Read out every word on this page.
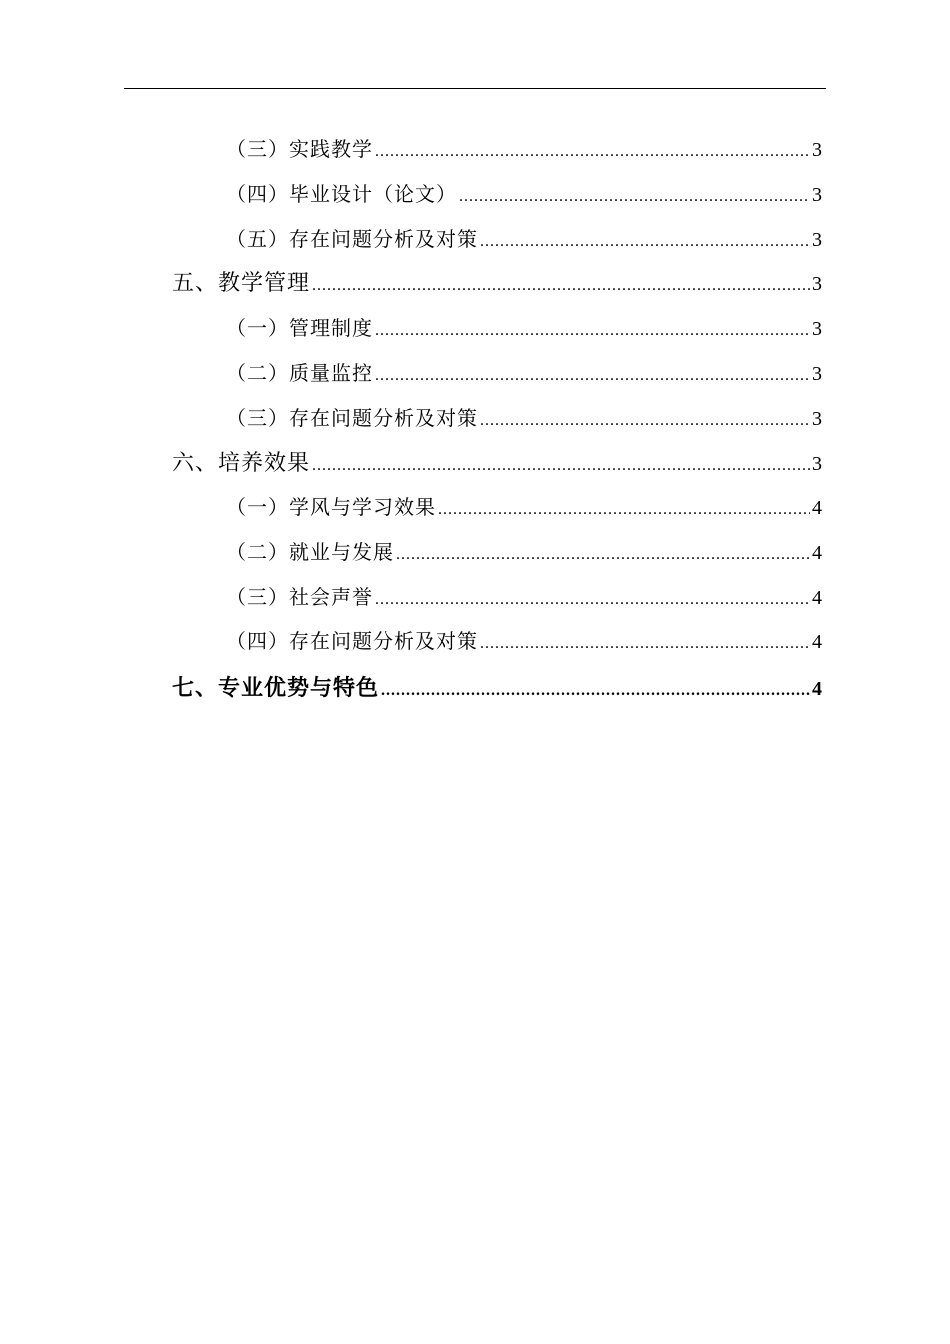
（三）实践教学 .....	3
（四）毕业设计（论文） .....	3
（五）存在问题分析及对策 .....	3
五、教学管理 .....	3
（一）管理制度 .....	3
（二）质量监控 .....	3
（三）存在问题分析及对策 .....	3
六、培养效果 .....	3
（一）学风与学习效果 .....	4
（二）就业与发展 .....	4
（三）社会声誉 .....	4
（四）存在问题分析及对策 .....	4
七、专业优势与特色 .....	4
